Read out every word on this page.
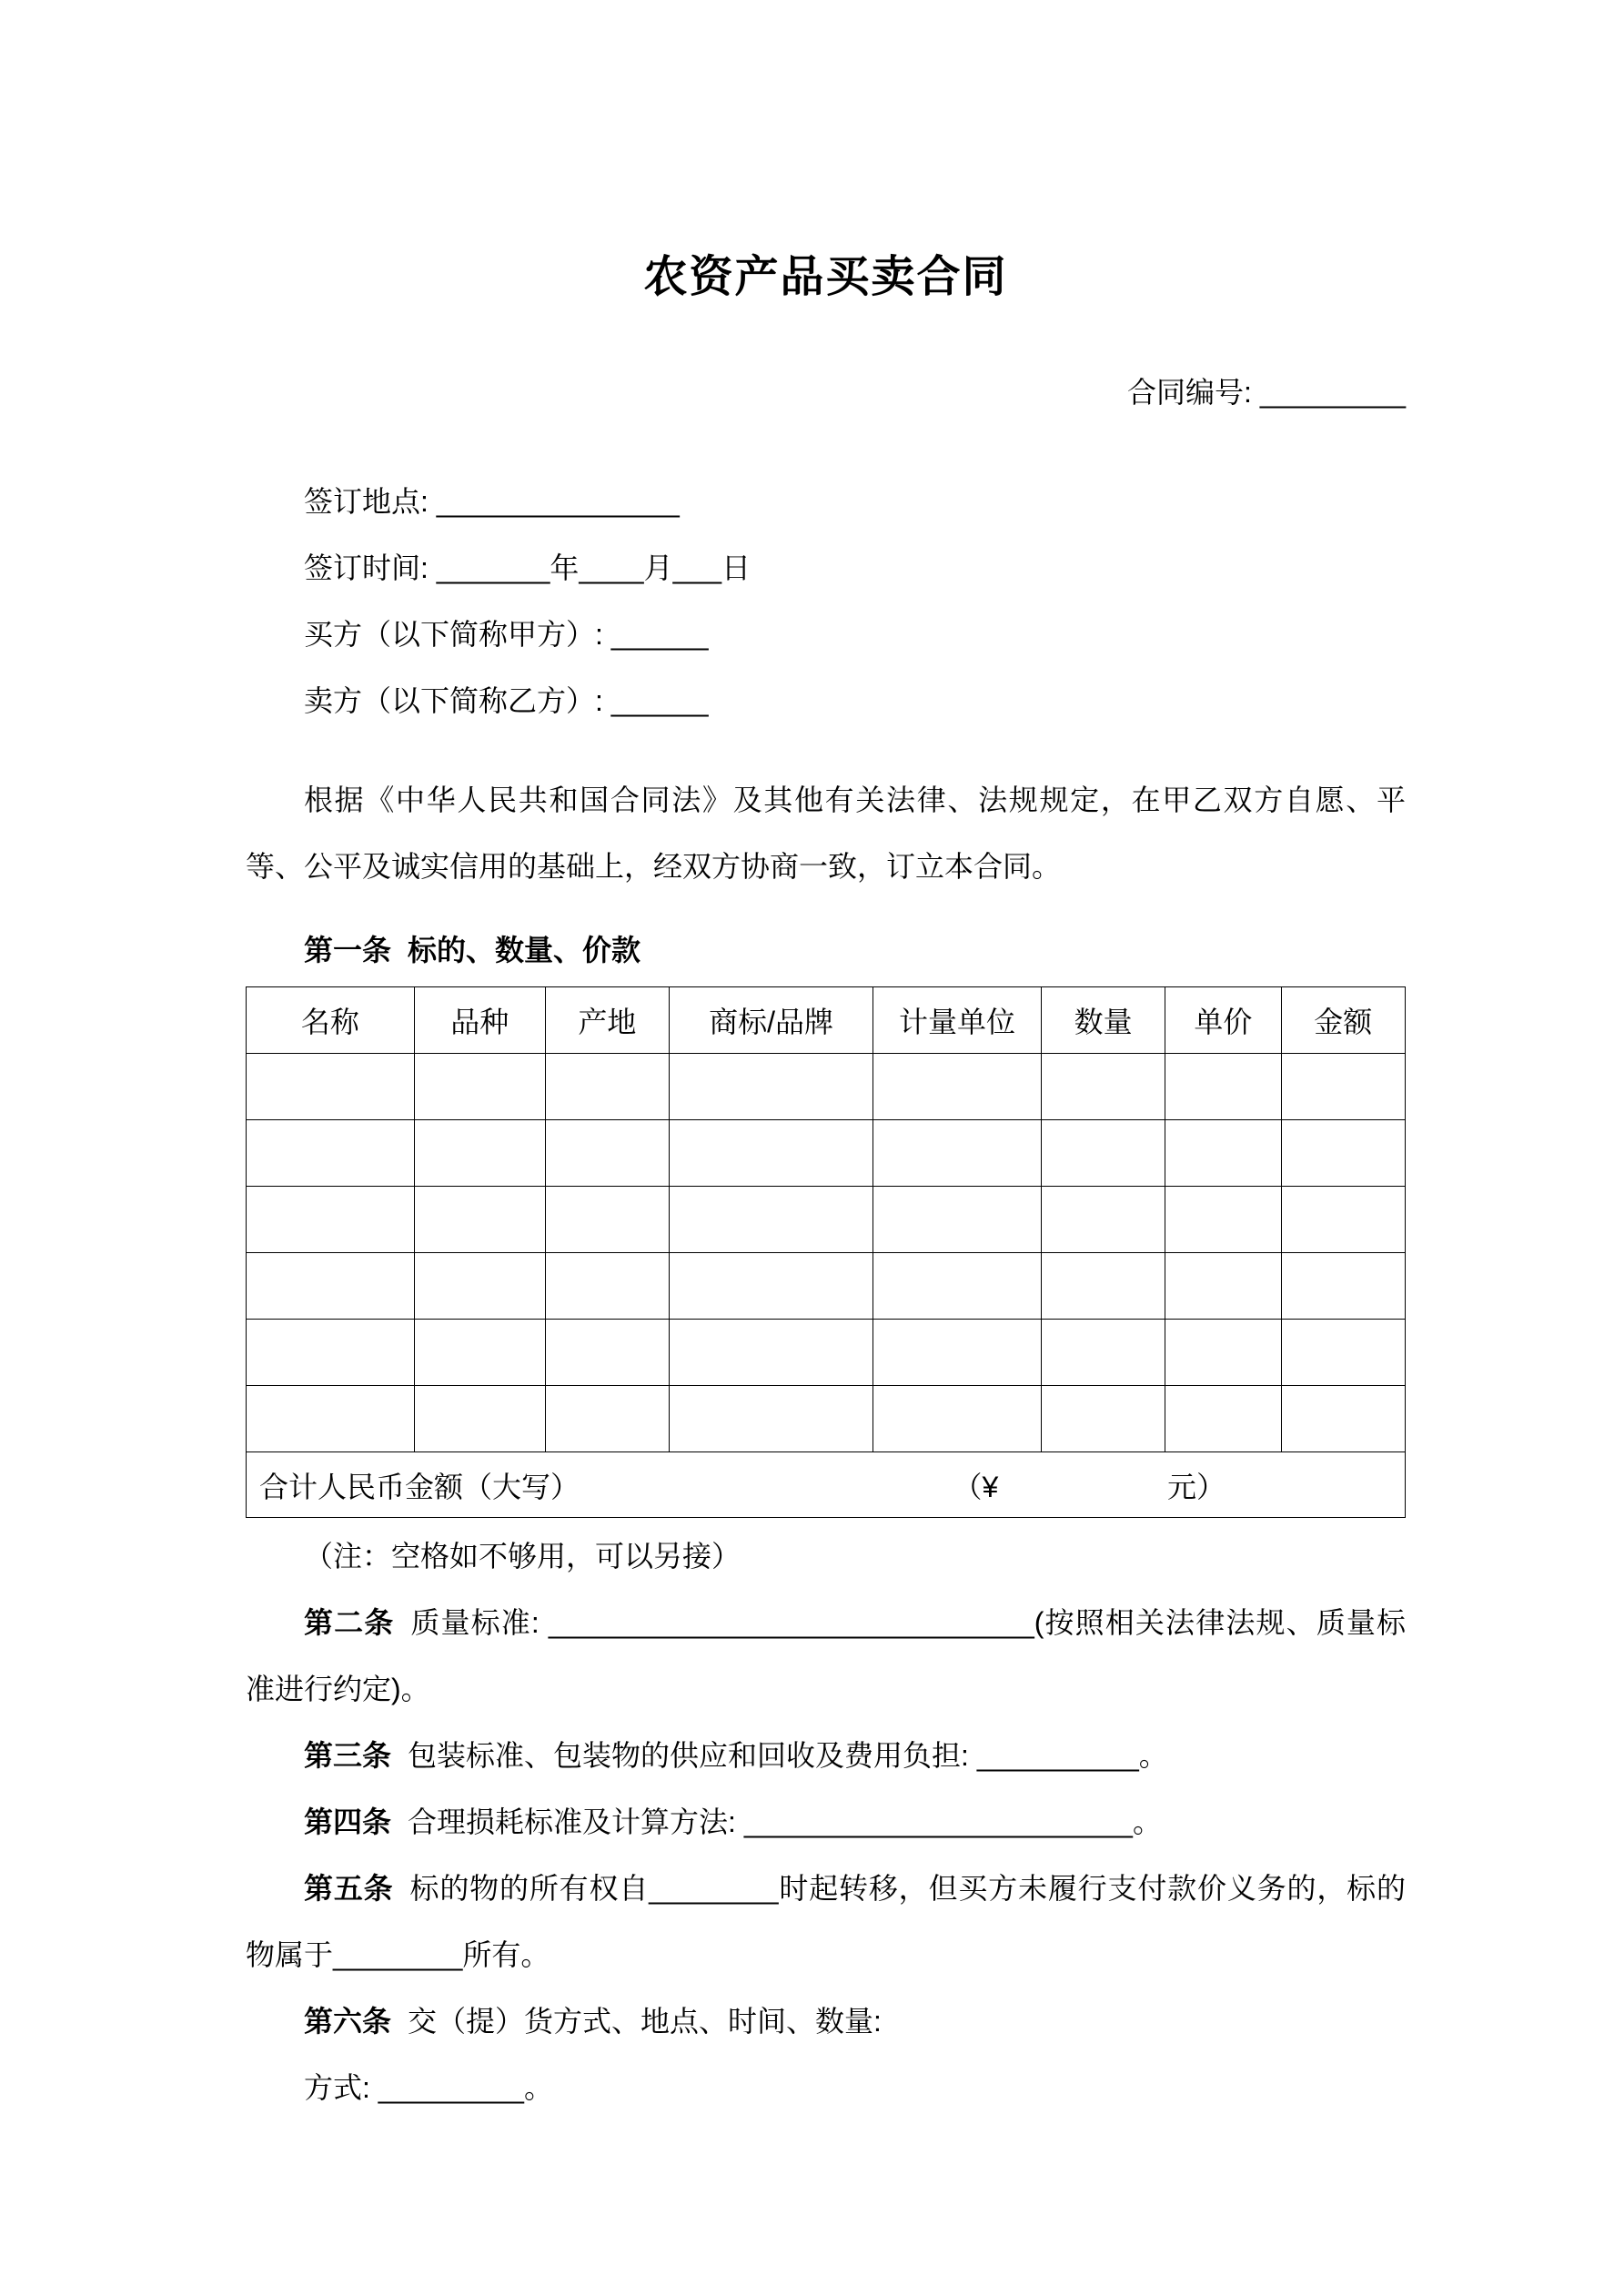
农资产品买卖合同
合同编号: _________

签订地点: _______________

签订时间: _______年____月___日

买方（以下简称甲方）: ______

卖方（以下简称乙方）: ______

根据《中华人民共和国合同法》及其他有关法律、法规规定，在甲乙双方自愿、平等、公平及诚实信用的基础上，经双方协商一致，订立本合同。

第一条 标的、数量、价款

名称	品种	产地	商标/品牌	计量单位	数量	单价	金额

合计人民币金额（大写） （¥ 元）							

（注：空格如不够用，可以另接）

第二条 质量标准: ______________________________(按照相关法律法规、质量标准进行约定)。

第三条 包装标准、包装物的供应和回收及费用负担: __________。

第四条 合理损耗标准及计算方法: ________________________。

第五条 标的物的所有权自________时起转移，但买方未履行支付款价义务的，标的物属于________所有。

第六条 交（提）货方式、地点、时间、数量:

方式: _________。
